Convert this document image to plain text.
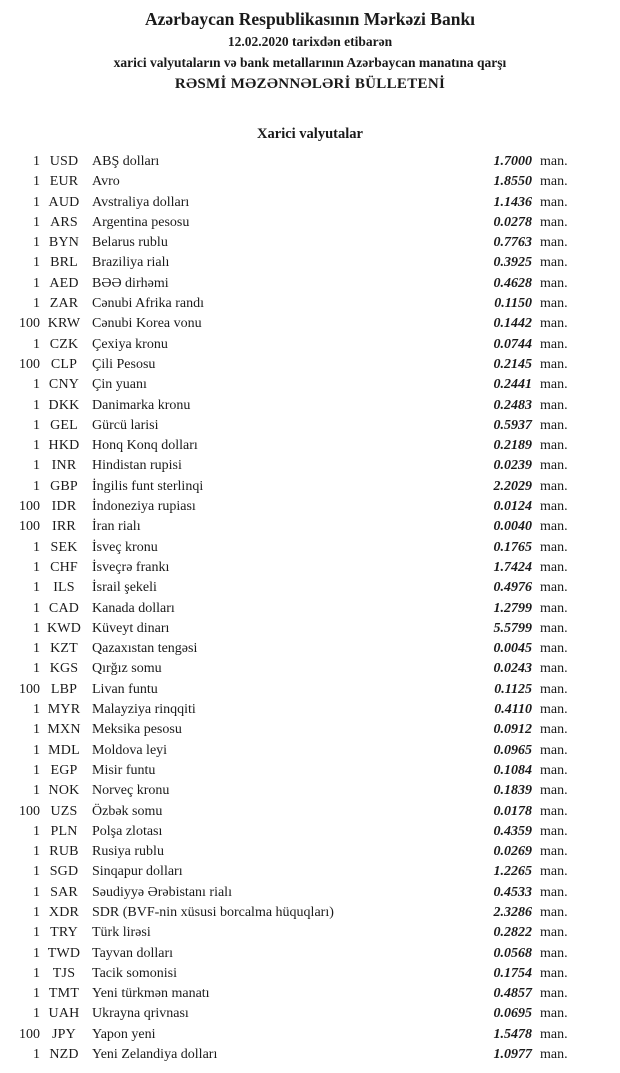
Azərbaycan Respublikasının Mərkəzi Bankı
12.02.2020 tarixdən etibarən
xarici valyutaların və bank metallarının Azərbaycan manatına qarşı
RƏSMİ MƏZƏNNƏLƏRİ BÜLLETENİ
Xarici valyutalar
1 USD ABŞ dolları	1.7000 man.
1 EUR Avro	1.8550 man.
1 AUD Avstraliya dolları	1.1436 man.
1 ARS	Argentina pesosu	0.0278 man.
1 BYN Belarus rublu	0.7763 man.
1 BRL	Braziliya rialı	0.3925 man.
1 AED BƏƏ dirhəmi	0.4628 man.
1 ZAR Cənubi Afrika randı	0.1150 man.
100 KRW Cənubi Korea vonu	0.1442 man.
1 CZK Çexiya kronu	0.0744 man.
100 CLP	Çili Pesosu	0.2145 man.
1 CNY Çin yuanı	0.2441 man.
1 DKK Danimarka kronu	0.2483 man.
1 GEL	Gürcü larisi	0.5937 man.
1 HKD Honq Konq dolları	0.2189 man.
1 INR	Hindistan rupisi	0.0239 man.
1 GBP	İngilis funt sterlinqi	2.2029 man.
100 IDR	İndoneziya rupiası	0.0124 man.
100 IRR	İran rialı	0.0040 man.
1 SEK	İsveç kronu	0.1765 man.
1 CHF	İsveçrə frankı	1.7424 man.
1 ILS	İsrail şekeli	0.4976 man.
1 CAD Kanada dolları	1.2799 man.
1 KWD Küveyt dinarı	5.5799 man.
1 KZT	Qazaxıstan tengəsi	0.0045 man.
1 KGS Qırğız somu	0.0243 man.
100 LBP	Livan funtu	0.1125 man.
1 MYR Malayziya rinqqiti	0.4110 man.
1 MXN Meksika pesosu	0.0912 man.
1 MDL Moldova leyi	0.0965 man.
1 EGP	Misir funtu	0.1084 man.
1 NOK Norveç kronu	0.1839 man.
100 UZS	Özbək somu	0.0178 man.
1 PLN	Polşa zlotası	0.4359 man.
1 RUB Rusiya rublu	0.0269 man.
1 SGD Sinqapur dolları	1.2265 man.
1 SAR	Səudiyyə Ərəbistanı rialı	0.4533 man.
1 XDR SDR (BVF-nin xüsusi borcalma hüquqları)	2.3286 man.
1 TRY	Türk lirəsi	0.2822 man.
1 TWD Tayvan dolları	0.0568 man.
1 TJS	Tacik somonisi	0.1754 man.
1 TMT Yeni türkmən manatı	0.4857 man.
1 UAH Ukrayna qrivnası	0.0695 man.
100 JPY	Yapon yeni	1.5478 man.
1 NZD Yeni Zelandiya dolları	1.0977 man.
